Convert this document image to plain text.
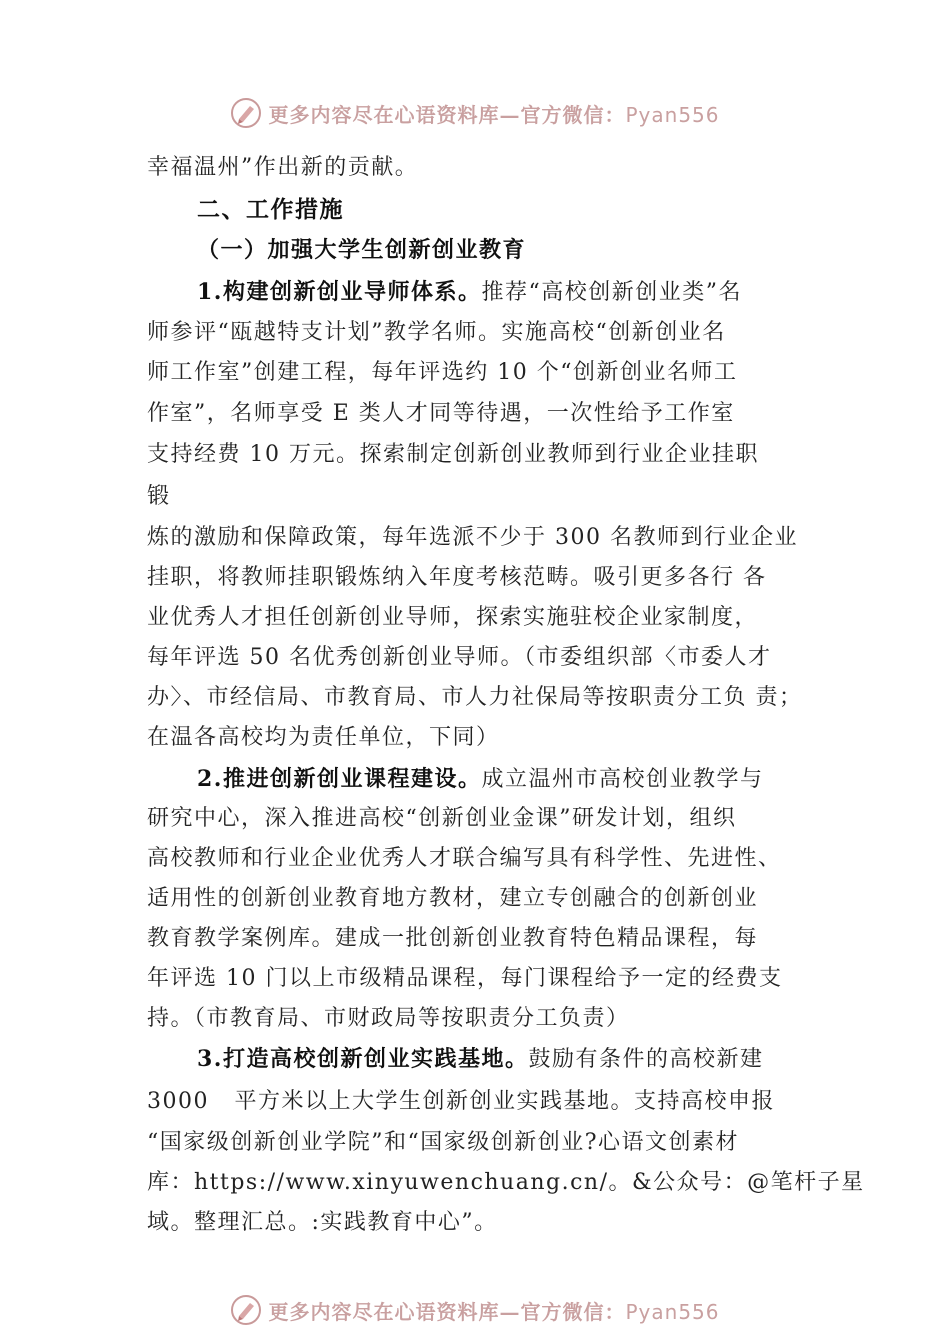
更多内容尽在心语资料库—官方微信：Pyan556
幸福温州”作出新的贡献。
二、工作措施
（一）加强大学生创新创业教育
1.构建创新创业导师体系。推荐“高校创新创业类”名
师参评“瓯越特支计划”教学名师。实施高校“创新创业名
师工作室”创建工程，每年评选约 10 个“创新创业名师工
作室”，名师享受 E 类人才同等待遇，一次性给予工作室
支持经费 10 万元。探索制定创新创业教师到行业企业挂职
锻
炼的激励和保障政策，每年选派不少于 300 名教师到行业企业
挂职，将教师挂职锻炼纳入年度考核范畴。吸引更多各行 各
业优秀人才担任创新创业导师，探索实施驻校企业家制度，
每年评选 50 名优秀创新创业导师。（市委组织部〈市委人才
办〉、市经信局、市教育局、市人力社保局等按职责分工负 责；
在温各高校均为责任单位，下同）
2.推进创新创业课程建设。成立温州市高校创业教学与
研究中心，深入推进高校“创新创业金课”研发计划，组织
高校教师和行业企业优秀人才联合编写具有科学性、先进性、
适用性的创新创业教育地方教材，建立专创融合的创新创业
教育教学案例库。建成一批创新创业教育特色精品课程，每
年评选 10 门以上市级精品课程，每门课程给予一定的经费支
持。（市教育局、市财政局等按职责分工负责）
3.打造高校创新创业实践基地。鼓励有条件的高校新建
3000   平方米以上大学生创新创业实践基地。支持高校申报
“国家级创新创业学院”和“国家级创新创业?心语文创素材
库：https://www.xinyuwenchuang.cn/。&公众号：@笔杆子星
域。整理汇总。:实践教育中心”。
更多内容尽在心语资料库—官方微信：Pyan556
